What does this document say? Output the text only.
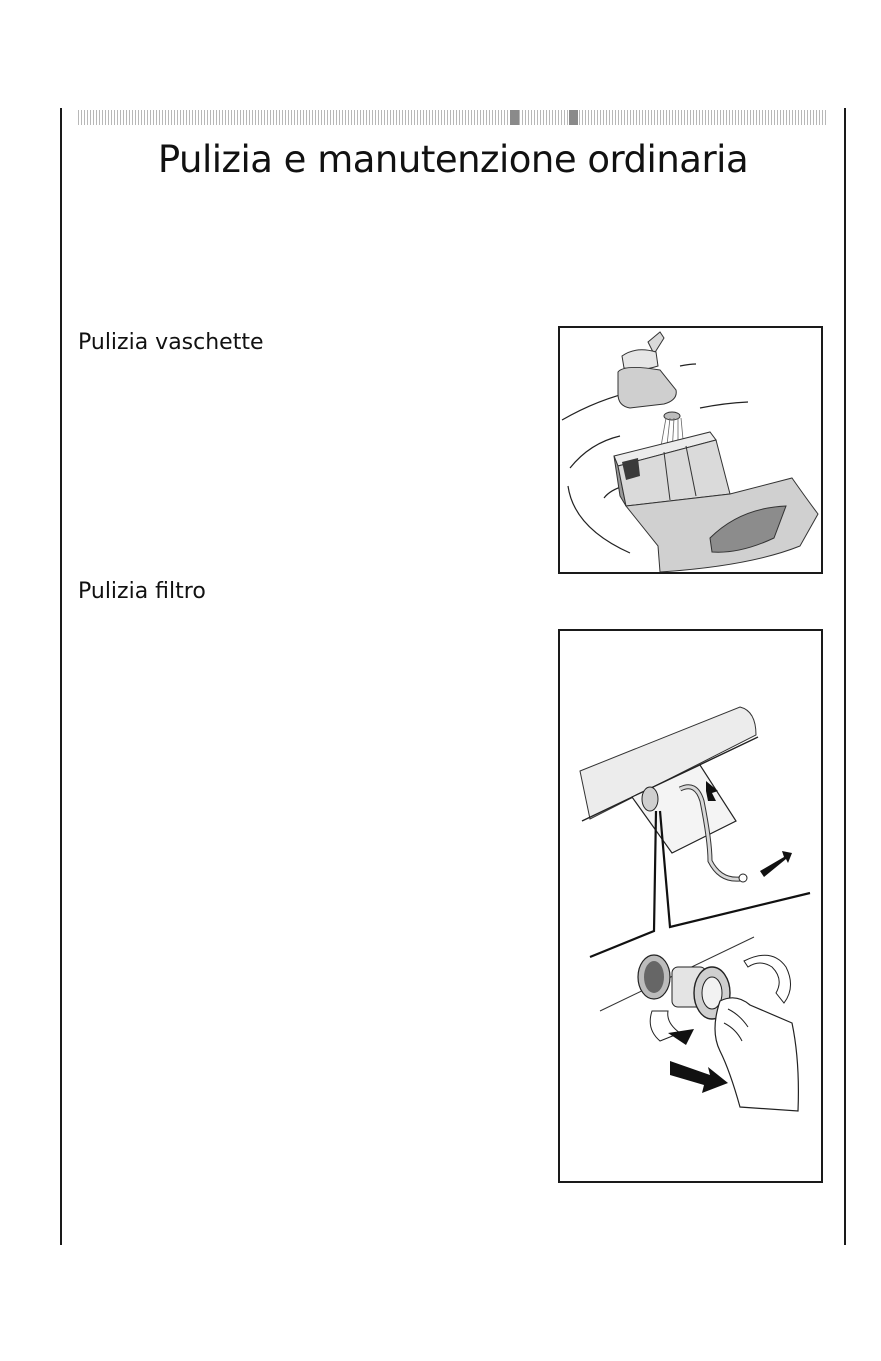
Pulizia e manutenzione ordinaria
Pulizia vaschette
Pulizia filtro
